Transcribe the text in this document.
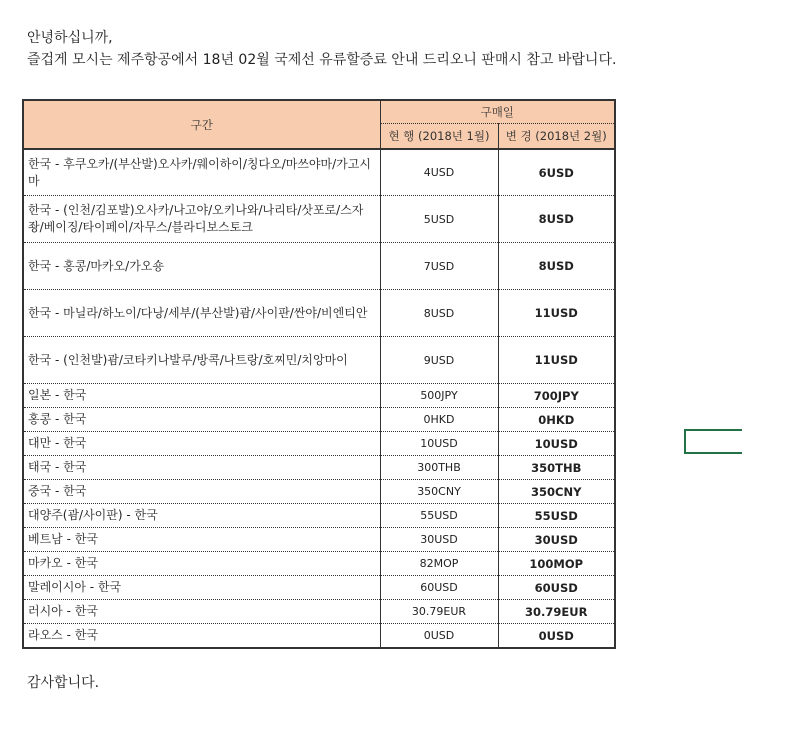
안녕하십니까,
즐겁게 모시는 제주항공에서 18년 02월 국제선 유류할증료 안내 드리오니 판매시 참고 바랍니다.
구간	구매일	
	현 행 (2018년 1월)	변 경 (2018년 2월)
한국 - 후쿠오카/(부산발)오사카/웨이하이/칭다오/마쓰야마/가고시마	4USD	6USD
한국 - (인천/김포발)오사카/나고야/오키나와/나리타/삿포로/스자좡/베이징/타이페이/자무스/블라디보스토크	5USD	8USD
한국 - 홍콩/마카오/가오숑	7USD	8USD
한국 - 마닐라/하노이/다낭/세부/(부산발)괌/사이판/싼야/비엔티안	8USD	11USD
한국 - (인천발)괌/코타키나발루/방콕/나트랑/호찌민/치앙마이	9USD	11USD
일본 - 한국	500JPY	700JPY
홍콩 - 한국	0HKD	0HKD
대만 - 한국	10USD	10USD
태국 - 한국	300THB	350THB
중국 - 한국	350CNY	350CNY
대양주(괌/사이판) - 한국	55USD	55USD
베트남 - 한국	30USD	30USD
마카오 - 한국	82MOP	100MOP
말레이시아 - 한국	60USD	60USD
러시아 - 한국	30.79EUR	30.79EUR
라오스 - 한국	0USD	0USD
감사합니다.
